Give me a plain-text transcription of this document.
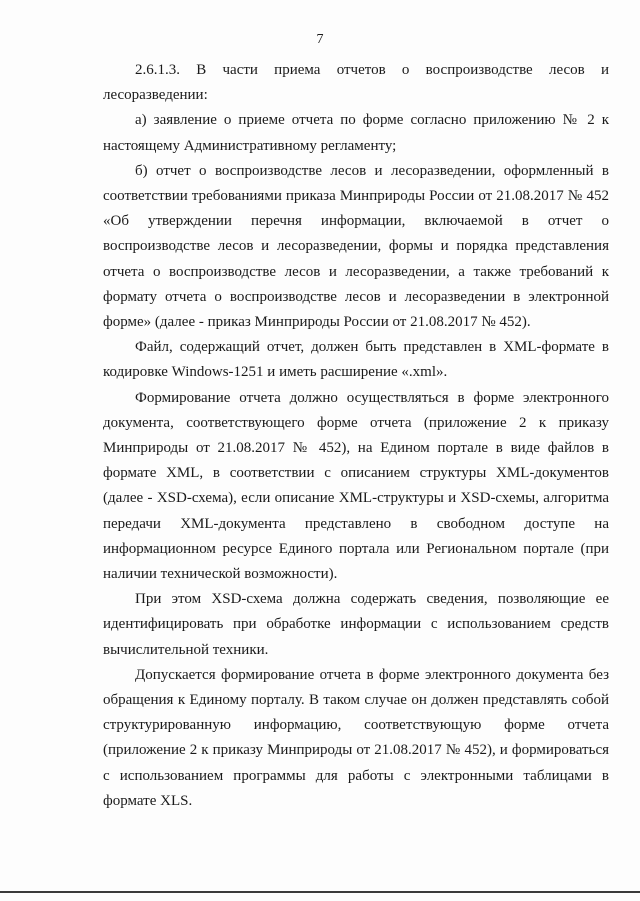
7

2.6.1.3. В части приема отчетов о воспроизводстве лесов и лесоразведении:

а) заявление о приеме отчета по форме согласно приложению № 2 к настоящему Административному регламенту;

б) отчет о воспроизводстве лесов и лесоразведении, оформленный в соответствии требованиями приказа Минприроды России от 21.08.2017 № 452 «Об утверждении перечня информации, включаемой в отчет о воспроизводстве лесов и лесоразведении, формы и порядка представления отчета о воспроизводстве лесов и лесоразведении, а также требований к формату отчета о воспроизводстве лесов и лесоразведении в электронной форме» (далее - приказ Минприроды России от 21.08.2017 № 452).

Файл, содержащий отчет, должен быть представлен в XML-формате в кодировке Windows-1251 и иметь расширение «.xml».

Формирование отчета должно осуществляться в форме электронного документа, соответствующего форме отчета (приложение 2 к приказу Минприроды от 21.08.2017 № 452), на Едином портале в виде файлов в формате XML, в соответствии с описанием структуры XML-документов (далее - XSD-схема), если описание XML-структуры и XSD-схемы, алгоритма передачи XML-документа представлено в свободном доступе на информационном ресурсе Единого портала или Региональном портале (при наличии технической возможности).

При этом XSD-схема должна содержать сведения, позволяющие ее идентифицировать при обработке информации с использованием средств вычислительной техники.

Допускается формирование отчета в форме электронного документа без обращения к Единому порталу. В таком случае он должен представлять собой структурированную информацию, соответствующую форме отчета (приложение 2 к приказу Минприроды от 21.08.2017 № 452), и формироваться с использованием программы для работы с электронными таблицами в формате XLS.
